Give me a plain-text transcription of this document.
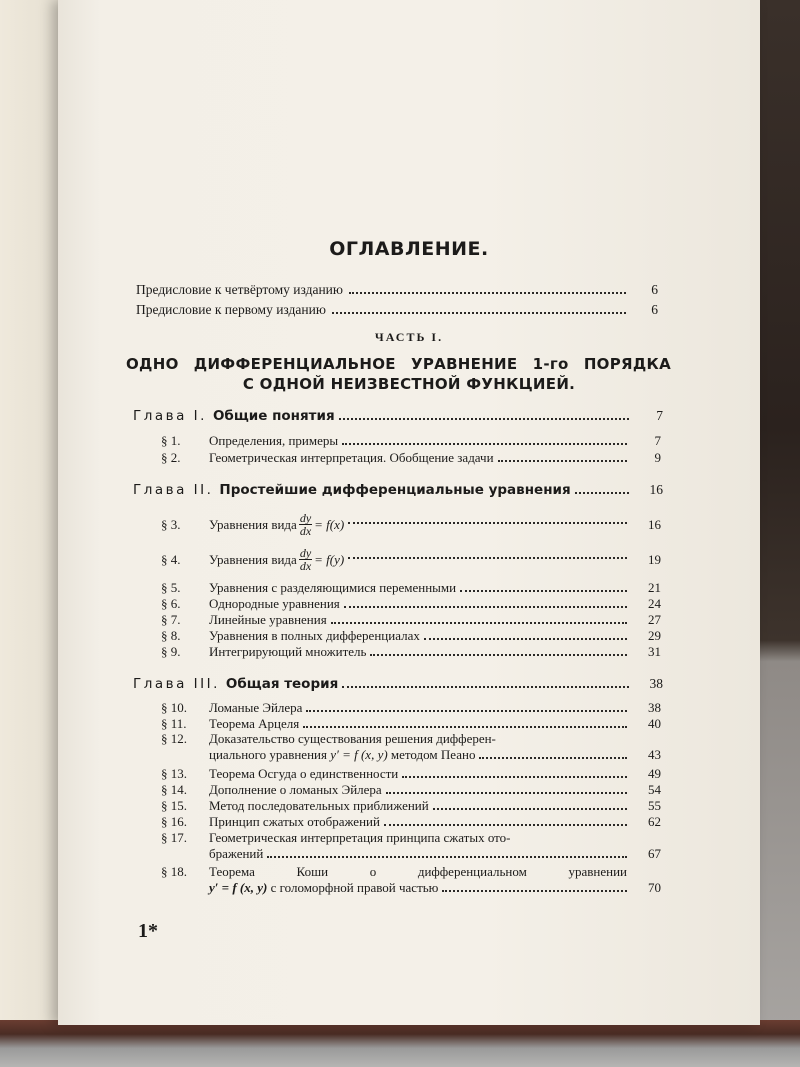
ОГЛАВЛЕНИЕ.
Предисловие к четвёртому изданию	6
Предисловие к первому изданию	6
ЧАСТЬ I.
ОДНО ДИФФЕРЕНЦИАЛЬНОЕ УРАВНЕНИЕ 1-го ПОРЯДКА
С ОДНОЙ НЕИЗВЕСТНОЙ ФУНКЦИЕЙ.
Глава I. Общие понятия	7
§ 1.	Определения, примеры	7
§ 2.	Геометрическая интерпретация. Обобщение задачи	9
Глава II. Простейшие дифференциальные уравнения	16
§ 3.	Уравнения вида $\frac{dy}{dx} = f(x)$	16
§ 4.	Уравнения вида $\frac{dy}{dx} = f(y)$	19
§ 5.	Уравнения с разделяющимися переменными	21
§ 6.	Однородные уравнения	24
§ 7.	Линейные уравнения	27
§ 8.	Уравнения в полных дифференциалах	29
§ 9.	Интегрирующий множитель	31
Глава III. Общая теория	38
§ 10.	Ломаные Эйлера	38
§ 11.	Теорема Арцеля	40
§ 12.	Доказательство существования решения дифферен-
циального уравнения
y′ = f (x, y)
методом Пеано	43
§ 13.	Теорема Осгуда о единственности	49
§ 14.	Дополнение о ломаных Эйлера	54
§ 15.	Метод последовательных приближений	55
§ 16.	Принцип сжатых отображений	62
§ 17.	Геометрическая интерпретация принципа сжатых ото-
бражений	67
§ 18.	Теорема Коши о дифференциальном уравнении
y′ = f (x, y)
с голоморфной правой частью	70
1*
